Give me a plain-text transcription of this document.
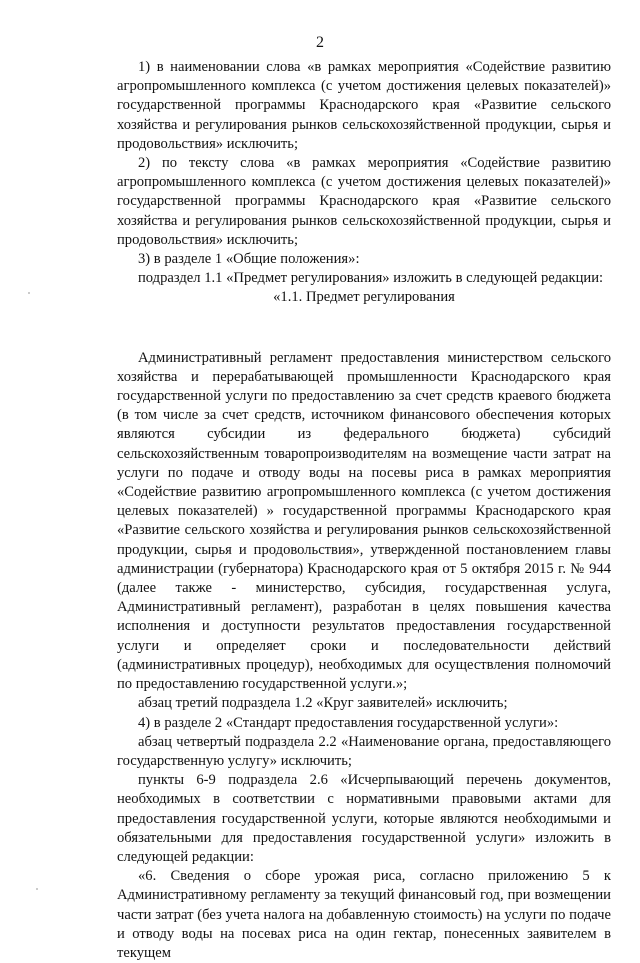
2

1) в наименовании слова «в рамках мероприятия «Содействие развитию агропромышленного комплекса (с учетом достижения целевых показателей)» государственной программы Краснодарского края «Развитие сельского хозяйства и регулирования рынков сельскохозяйственной продукции, сырья и продовольствия» исключить;

2) по тексту слова «в рамках мероприятия «Содействие развитию агропромышленного комплекса (с учетом достижения целевых показателей)» государственной программы Краснодарского края «Развитие сельского хозяйства и регулирования рынков сельскохозяйственной продукции, сырья и продовольствия» исключить;

3) в разделе 1 «Общие положения»:

подраздел 1.1 «Предмет регулирования» изложить в следующей редакции:

«1.1. Предмет регулирования

Административный регламент предоставления министерством сельского хозяйства и перерабатывающей промышленности Краснодарского края государственной услуги по предоставлению за счет средств краевого бюджета (в том числе за счет средств, источником финансового обеспечения которых являются субсидии из федерального бюджета) субсидий сельскохозяйственным товаропроизводителям на возмещение части затрат на услуги по подаче и отводу воды на посевы риса в рамках мероприятия «Содействие развитию агропромышленного комплекса (с учетом достижения целевых показателей) » государственной программы Краснодарского края «Развитие сельского хозяйства и регулирования рынков сельскохозяйственной продукции, сырья и продовольствия», утвержденной постановлением главы администрации (губернатора) Краснодарского края от 5 октября 2015 г. № 944 (далее также - министерство, субсидия, государственная услуга, Административный регламент), разработан в целях повышения качества исполнения и доступности результатов предоставления государственной услуги и определяет сроки и последовательности действий (административных процедур), необходимых для осуществления полномочий по предоставлению государственной услуги.»;

абзац третий подраздела 1.2 «Круг заявителей» исключить;

4) в разделе 2 «Стандарт предоставления государственной услуги»:

абзац четвертый подраздела 2.2 «Наименование органа, предоставляющего государственную услугу» исключить;

пункты 6-9 подраздела 2.6 «Исчерпывающий перечень документов, необходимых в соответствии с нормативными правовыми актами для предоставления государственной услуги, которые являются необходимыми и обязательными для предоставления государственной услуги» изложить в следующей редакции:

«6. Сведения о сборе урожая риса, согласно приложению 5 к Административному регламенту за текущий финансовый год, при возмещении части затрат (без учета налога на добавленную стоимость) на услуги по подаче и отводу воды на посевах риса на один гектар, понесенных заявителем в текущем
